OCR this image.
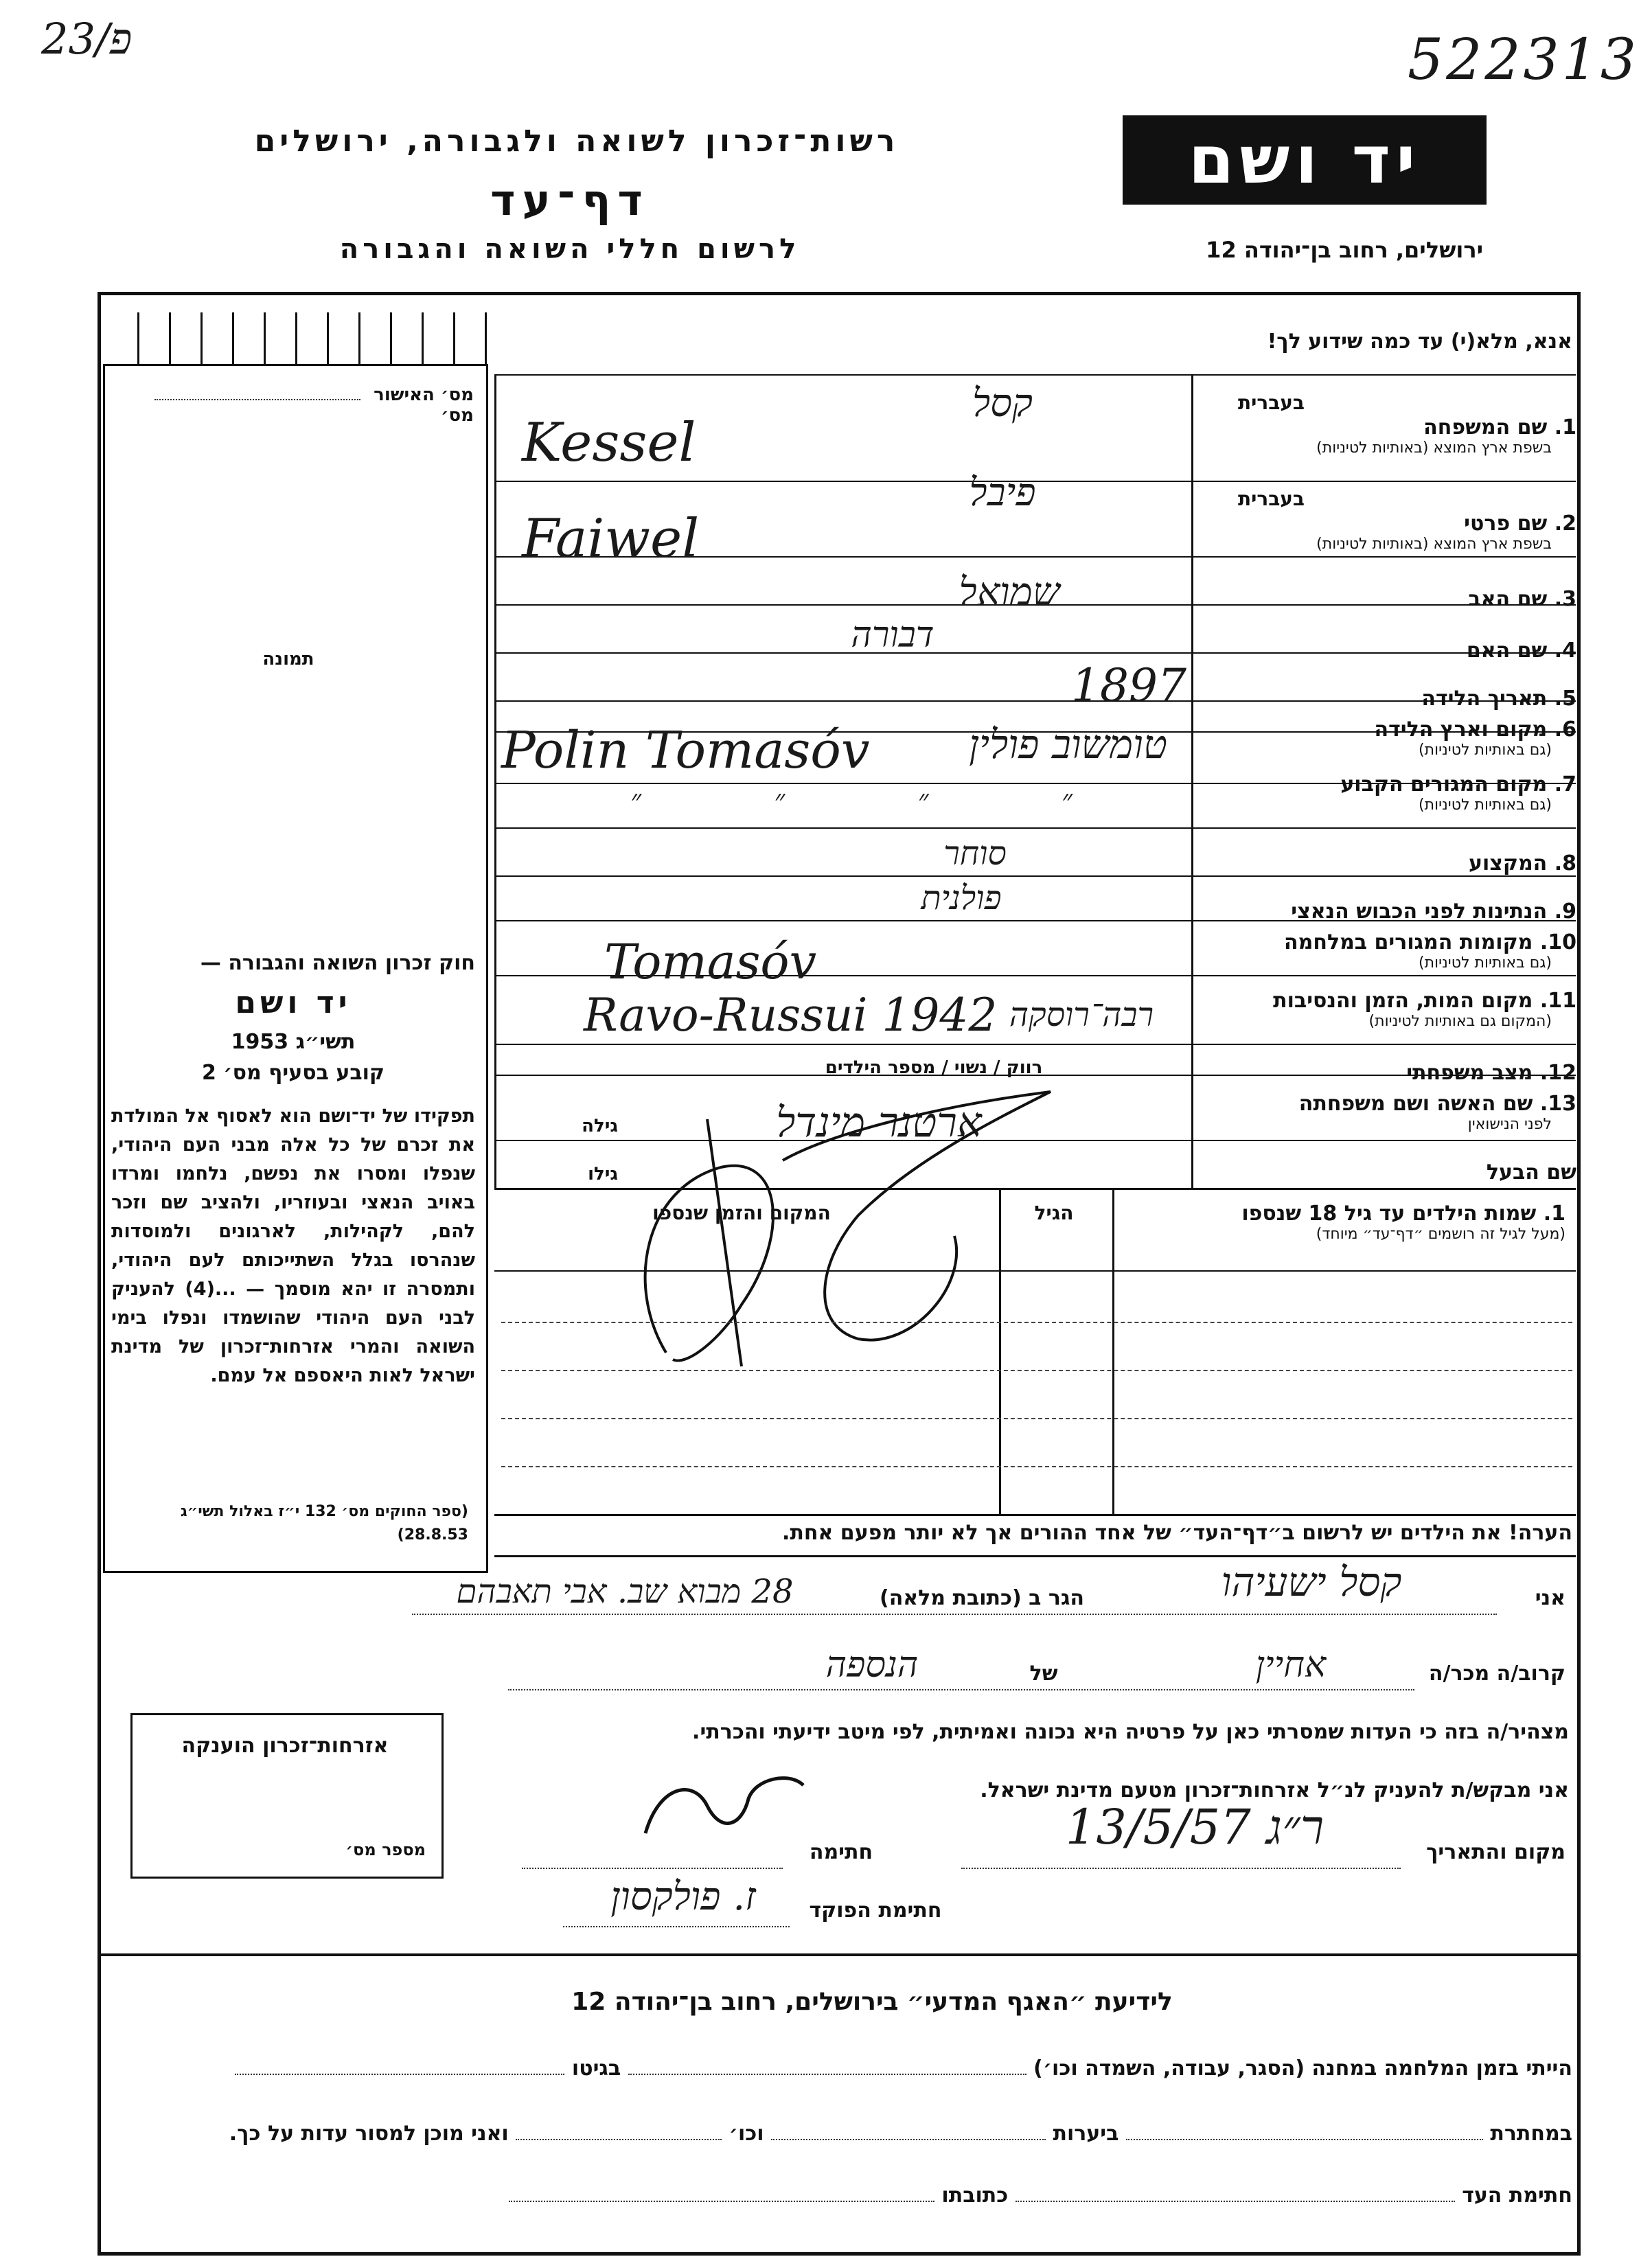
23/פ	522313
רשות־זכרון לשואה ולגבורה, ירושלים
דף־עד
לרשום חללי השואה והגבורה
יד ושם
ירושלים, רחוב בן־יהודה 12
מס׳ האישור  מס׳
תמונה
חוק זכרון השואה והגבורה —
יד ושם
תשי״ג 1953
קובע בסעיף מס׳ 2
תפקידו של יד־ושם הוא לאסוף אל המולדת את זכרם של כל אלה מבני העם היהודי, שנפלו ומסרו את נפשם, נלחמו ומרדו באויב הנאצי ובעוזריו, ולהציב שם וזכר להם, לקהילות, לארגונים ולמוסדות שנהרסו בגלל השתייכותם לעם היהודי, ותמסרה זו יהא מוסמך — ...(4) להעניק לבני העם היהודי שהושמדו ונפלו בימי השואה והמרי אזרחות־זכרון של מדינת ישראל לאות היאספם אל עמם.
(ספר החוקים מס׳ 132 י״ז באלול תשי״ג 28.8.53)
אזרחות־זכרון הוענקה
מספר מס׳
אנא, מלא(י) עד כמה שידוע לך!
בעברית
בעברית
1. שם המשפחה
בשפת ארץ המוצא (באותיות לטיניות)
2. שם פרטי
בשפת ארץ המוצא (באותיות לטיניות)
3. שם האב
4. שם האם
5. תאריך הלידה
6. מקום וארץ הלידה
(גם באותיות לטיניות)
7. מקום המגורים הקבוע
(גם באותיות לטיניות)
8. המקצוע
9. הנתינות לפני הכבוש הנאצי
10. מקומות המגורים במלחמה
(גם באותיות לטיניות)
11. מקום המות, הזמן והנסיבות
(המקום גם באותיות לטיניות)
12. מצב משפחתי
13. שם האשה ושם משפחתה
לפני הנישואין
שם הבעל
קסל
Kessel
פיבל
Faiwel
שמואל
דבורה
1897
Polin Tomasóv	טומשוב פולין
״ ״ ״ ״
סוחר
פולנית
Tomasóv
Ravo-Russui 1942 רבה־רוסקה
רווק / נשוי / מספר הילדים
ארטנר מינדל
גילה
גילו
1. שמות הילדים עד גיל 18 שנספו
(מעל לגיל זה רושמים ״דף־עד״ מיוחד)
הגיל
המקום והזמן שנספו
הערה! את הילדים יש לרשום ב״דף־העד״ של אחד ההורים אך לא יותר מפעם אחת.
אני
קסל ישעיהו
הגר ב (כתובת מלאה)
28 מבוא שב. אבי תאבהם
קרוב/ה מכר/ה
אחיין
של
הנספה
מצהיר/ה בזה כי העדות שמסרתי כאן על פרטיה היא נכונה ואמיתית, לפי מיטב ידיעתי והכרתי.
אני מבקש/ת להעניק לנ״ל אזרחות־זכרון מטעם מדינת ישראל.
מקום והתאריך
ר״ג 13/5/57
חתימה
חתימת הפוקד
ז. פולקסון
לידיעת ״האגף המדעי״ בירושלים, רחוב בן־יהודה 12
הייתי בזמן המלחמה במחנה (הסגר, עבודה, השמדה וכו׳)  בגיטו
במחתרת  ביערות  וכו׳  ואני מוכן למסור עדות על כך.
חתימת העד  כתובתו
